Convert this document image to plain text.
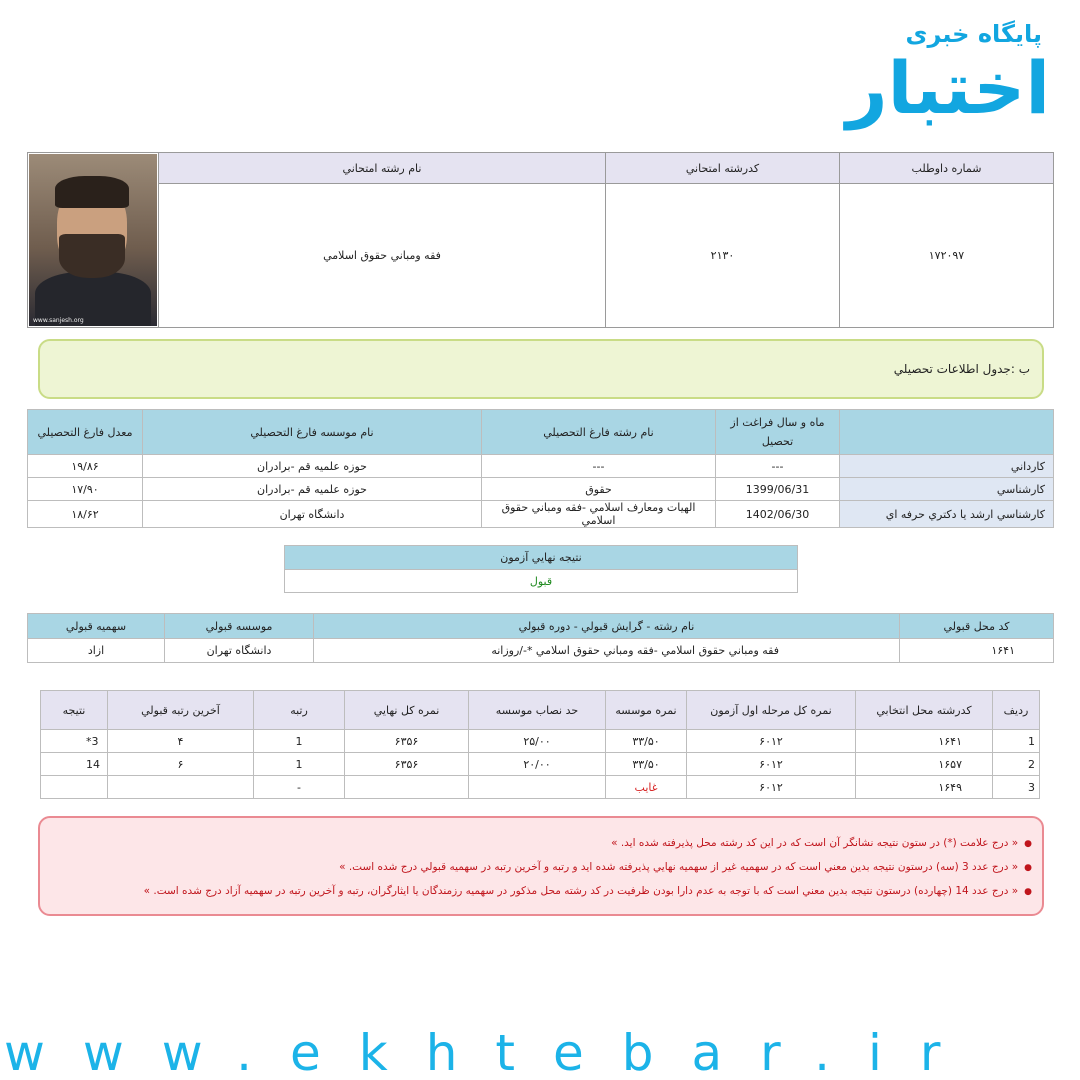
پایگاه خبری
اختبار
شماره داوطلب	کدرشته امتحاني	نام رشته امتحاني	www.sanjesh.org

۱۷۲۰۹۷	۲۱۳۰	فقه ومباني حقوق اسلامي	
ب :جدول اطلاعات تحصيلي
	ماه و سال فراغت از تحصيل	نام رشته فارغ التحصيلي	نام موسسه فارغ التحصيلي	معدل فارغ التحصيلي
كارداني	---	---	حوزه علميه قم -برادران	۱۹/۸۶
كارشناسي	1399/06/31	حقوق	حوزه علميه قم -برادران	۱۷/۹۰
كارشناسي ارشد يا دكتري حرفه اي	1402/06/30	الهيات ومعارف اسلامي -فقه ومباني حقوق اسلامي	دانشگاه تهران	۱۸/۶۲
نتيجه نهايي آزمون
قبول
كد محل قبولي	نام رشته - گرايش قبولي - دوره قبولي	موسسه قبولي	سهميه قبولي
۱۶۴۱	فقه ومباني حقوق اسلامي -فقه ومباني حقوق اسلامي *-/روزانه	دانشگاه تهران	ازاد
رديف	كدرشته محل انتخابي	نمره كل مرحله اول آزمون	نمره موسسه	حد نصاب موسسه	نمره كل نهايي	رتبه	آخرين رتبه قبولي	نتيجه
1	۱۶۴۱	۶۰۱۲	۳۳/۵۰	۲۵/۰۰	۶۳۵۶	1	۴	3*
2	۱۶۵۷	۶۰۱۲	۳۳/۵۰	۲۰/۰۰	۶۳۵۶	1	۶	14
3	۱۶۴۹	۶۰۱۲	غايب			-		
● « درج علامت (*) در ستون نتيجه نشانگر آن است كه در اين كد رشته محل پذيرفته شده ايد. »
● « درج عدد 3 (سه) درستون نتيجه بدين معني است كه در سهميه غير از سهميه نهايي پذيرفته شده ايد و رتبه و آخرين رتبه در سهميه قبولي درج شده است. »
● « درج عدد 14 (چهارده) درستون نتيجه بدين معني است كه با توجه به عدم دارا بودن ظرفيت در كد رشته محل مذكور در سهميه رزمندگان يا ايثارگران، رتبه و آخرين رتبه در سهميه آزاد درج شده است. »
www.ekhtebar.ir
